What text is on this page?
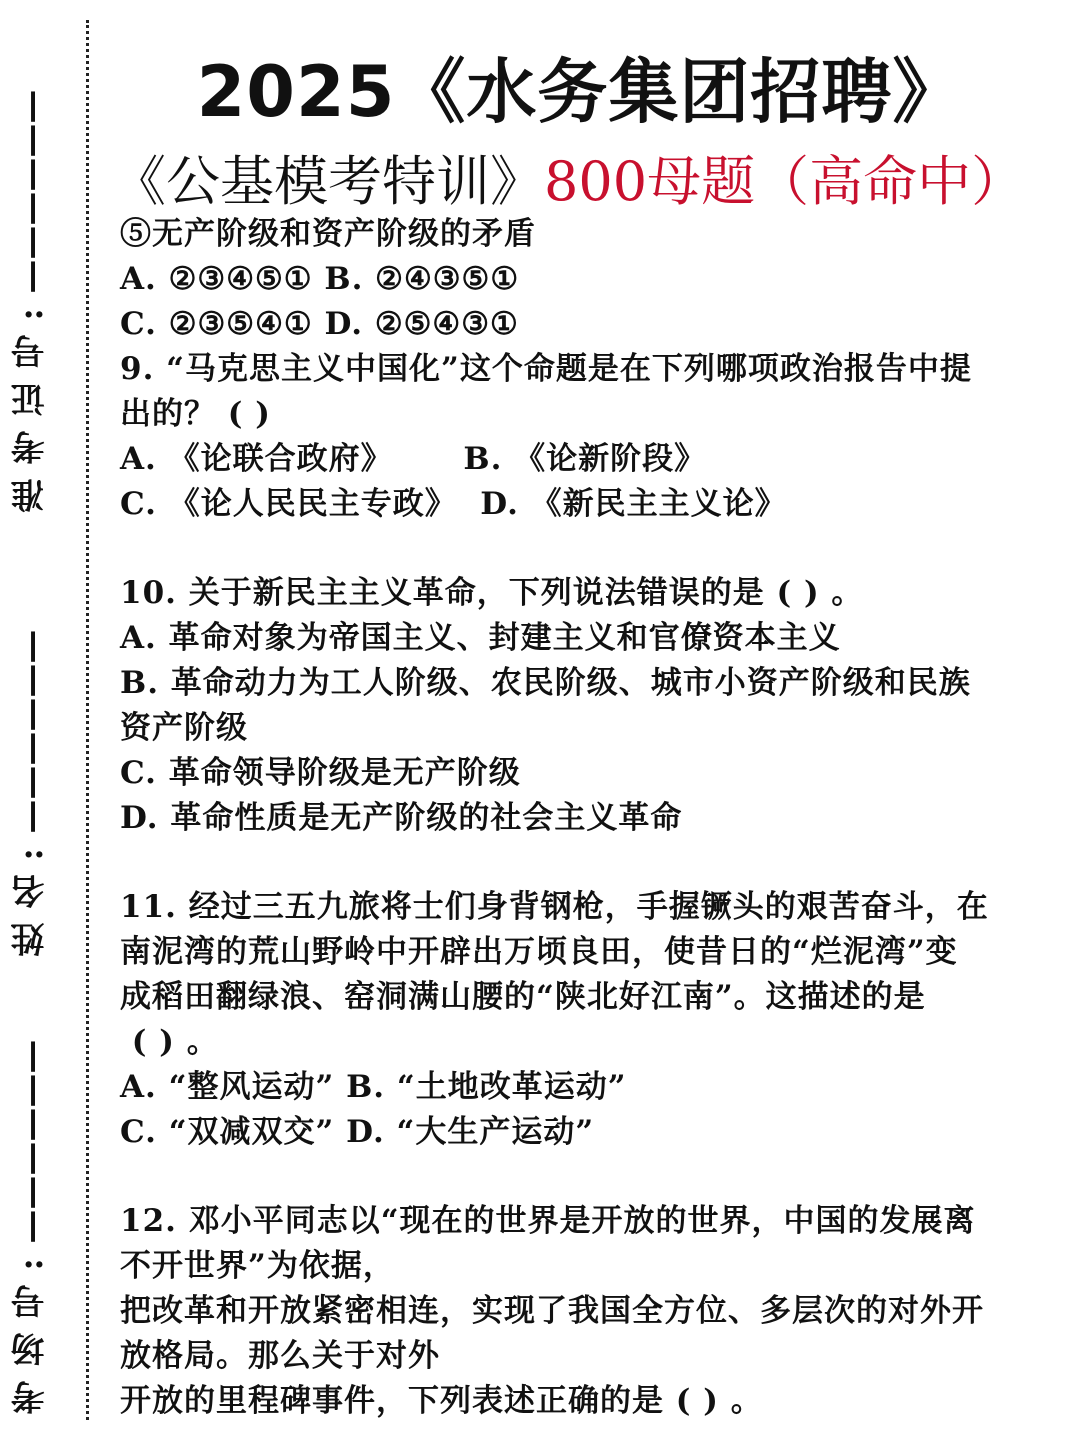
准考证号:——————
姓名:——————
考场号:——————
2025《水务集团招聘》

《公基模考特训》800母题（高命中）

⑤无产阶级和资产阶级的矛盾

A. ②③④⑤① B. ②④③⑤①

C. ②③⑤④① D. ②⑤④③①

9. “马克思主义中国化”这个命题是在下列哪项政治报告中提

出的？ ( )

A. 《论联合政府》      B. 《论新阶段》

C. 《论人民民主专政》  D. 《新民主主义论》

10. 关于新民主主义革命，下列说法错误的是 ( ) 。

A. 革命对象为帝国主义、封建主义和官僚资本主义

B. 革命动力为工人阶级、农民阶级、城市小资产阶级和民族

资产阶级

C. 革命领导阶级是无产阶级

D. 革命性质是无产阶级的社会主义革命

11. 经过三五九旅将士们身背钢枪，手握镢头的艰苦奋斗，在

南泥湾的荒山野岭中开辟出万顷良田，使昔日的“烂泥湾”变

成稻田翻绿浪、窑洞满山腰的“陕北好江南”。这描述的是

( ) 。

A. “整风运动” B. “土地改革运动”

C. “双减双交” D. “大生产运动”

12. 邓小平同志以“现在的世界是开放的世界，中国的发展离

不开世界”为依据，

把改革和开放紧密相连，实现了我国全方位、多层次的对外开

放格局。那么关于对外

开放的里程碑事件，下列表述正确的是 ( ) 。
